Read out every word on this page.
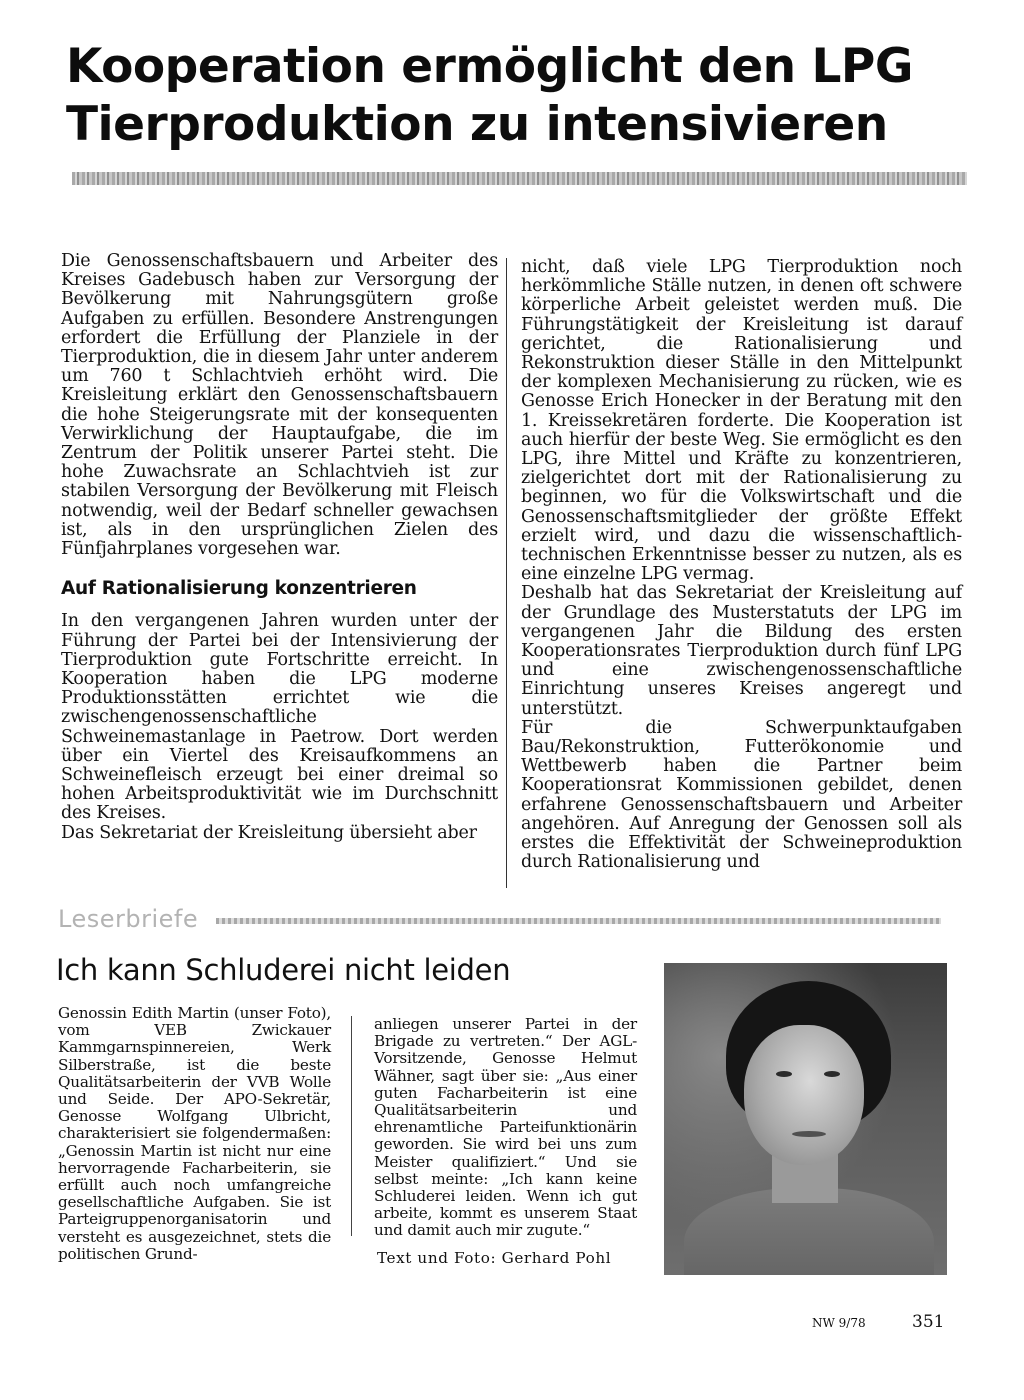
Kooperation ermöglicht den LPG
Tierproduktion zu intensivieren

Die Genossenschaftsbauern und Arbeiter des Kreises Gadebusch haben zur Versorgung der Bevölkerung mit Nahrungsgütern große Aufgaben zu erfüllen. Besondere Anstrengungen erfordert die Erfüllung der Planziele in der Tierproduktion, die in diesem Jahr unter anderem um 760 t Schlachtvieh erhöht wird. Die Kreisleitung erklärt den Genossenschaftsbauern die hohe Steigerungsrate mit der konsequenten Verwirklichung der Hauptaufgabe, die im Zentrum der Politik unserer Partei steht. Die hohe Zuwachsrate an Schlachtvieh ist zur stabilen Versorgung der Bevölkerung mit Fleisch notwendig, weil der Bedarf schneller gewachsen ist, als in den ursprünglichen Zielen des Fünfjahrplanes vorgesehen war.

Auf Rationalisierung konzentrieren

In den vergangenen Jahren wurden unter der Führung der Partei bei der Intensivierung der Tierproduktion gute Fortschritte erreicht. In Kooperation haben die LPG moderne Produktionsstätten errichtet wie die zwischengenossenschaftliche Schweinemastanlage in Paetrow. Dort werden über ein Viertel des Kreisaufkommens an Schweinefleisch erzeugt bei einer dreimal so hohen Arbeitsproduktivität wie im Durchschnitt des Kreises.

Das Sekretariat der Kreisleitung übersieht aber

nicht, daß viele LPG Tierproduktion noch herkömmliche Ställe nutzen, in denen oft schwere körperliche Arbeit geleistet werden muß. Die Führungstätigkeit der Kreisleitung ist darauf gerichtet, die Rationalisierung und Rekonstruktion dieser Ställe in den Mittelpunkt der komplexen Mechanisierung zu rücken, wie es Genosse Erich Honecker in der Beratung mit den 1. Kreissekretären forderte. Die Kooperation ist auch hierfür der beste Weg. Sie ermöglicht es den LPG, ihre Mittel und Kräfte zu konzentrieren, zielgerichtet dort mit der Rationalisierung zu beginnen, wo für die Volkswirtschaft und die Genossenschaftsmitglieder der größte Effekt erzielt wird, und dazu die wissenschaftlich-technischen Erkenntnisse besser zu nutzen, als es eine einzelne LPG vermag.

Deshalb hat das Sekretariat der Kreisleitung auf der Grundlage des Musterstatuts der LPG im vergangenen Jahr die Bildung des ersten Kooperationsrates Tierproduktion durch fünf LPG und eine zwischengenossenschaftliche Einrichtung unseres Kreises angeregt und unterstützt.

Für die Schwerpunktaufgaben Bau/Rekonstruktion, Futterökonomie und Wettbewerb haben die Partner beim Kooperationsrat Kommissionen gebildet, denen erfahrene Genossenschaftsbauern und Arbeiter angehören. Auf Anregung der Genossen soll als erstes die Effektivität der Schweineproduktion durch Rationalisierung und

Leserbriefe
Ich kann Schluderei nicht leiden

Genossin Edith Martin (unser Foto), vom VEB Zwickauer Kammgarnspinnereien, Werk Silberstraße, ist die beste Qualitätsarbeiterin der VVB Wolle und Seide. Der APO-Sekretär, Genosse Wolfgang Ulbricht, charakterisiert sie folgendermaßen: „Genossin Martin ist nicht nur eine hervorragende Facharbeiterin, sie erfüllt auch noch umfangreiche gesellschaftliche Aufgaben. Sie ist Parteigruppenorganisatorin und versteht es ausgezeichnet, stets die politischen Grund-

anliegen unserer Partei in der Brigade zu vertreten.“ Der AGL-Vorsitzende, Genosse Helmut Wähner, sagt über sie: „Aus einer guten Facharbeiterin ist eine Qualitätsarbeiterin und ehrenamtliche Parteifunktionärin geworden. Sie wird bei uns zum Meister qualifiziert.“ Und sie selbst meinte: „Ich kann keine Schluderei leiden. Wenn ich gut arbeite, kommt es unserem Staat und damit auch mir zugute.“

Text und Foto: Gerhard Pohl

NW 9/78	351
